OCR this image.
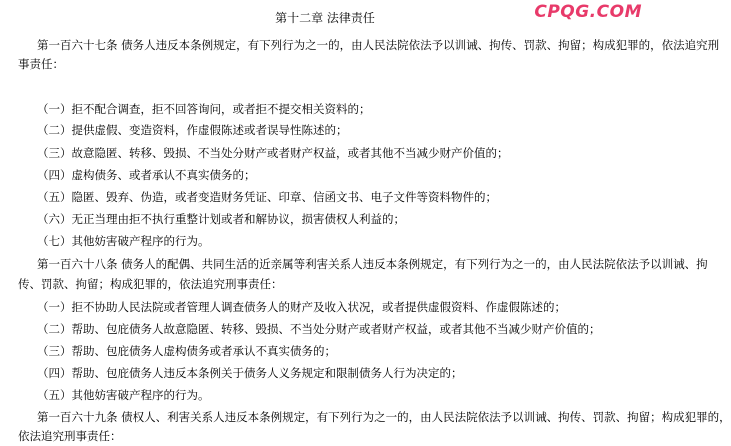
第十二章 法律责任	CPQG.COM
第一百六十七条 债务人违反本条例规定，有下列行为之一的，由人民法院依法予以训诫、拘传、罚款、拘留；构成犯罪的，依法追究刑
事责任：
（一）拒不配合调查，拒不回答询问，或者拒不提交相关资料的；
（二）提供虚假、变造资料，作虚假陈述或者误导性陈述的；
（三）故意隐匿、转移、毁损、不当处分财产或者财产权益，或者其他不当减少财产价值的；
（四）虚构债务、或者承认不真实债务的；
（五）隐匿、毁弃、伪造，或者变造财务凭证、印章、信函文书、电子文件等资料物件的；
（六）无正当理由拒不执行重整计划或者和解协议，损害债权人利益的；
（七）其他妨害破产程序的行为。
第一百六十八条 债务人的配偶、共同生活的近亲属等利害关系人违反本条例规定，有下列行为之一的，由人民法院依法予以训诫、拘
传、罚款、拘留；构成犯罪的，依法追究刑事责任：
（一）拒不协助人民法院或者管理人调查债务人的财产及收入状况，或者提供虚假资料、作虚假陈述的；
（二）帮助、包庇债务人故意隐匿、转移、毁损、不当处分财产或者财产权益，或者其他不当减少财产价值的；
（三）帮助、包庇债务人虚构债务或者承认不真实债务的；
（四）帮助、包庇债务人违反本条例关于债务人义务规定和限制债务人行为决定的；
（五）其他妨害破产程序的行为。
第一百六十九条 债权人、利害关系人违反本条例规定，有下列行为之一的，由人民法院依法予以训诫、拘传、罚款、拘留；构成犯罪的，
依法追究刑事责任：
